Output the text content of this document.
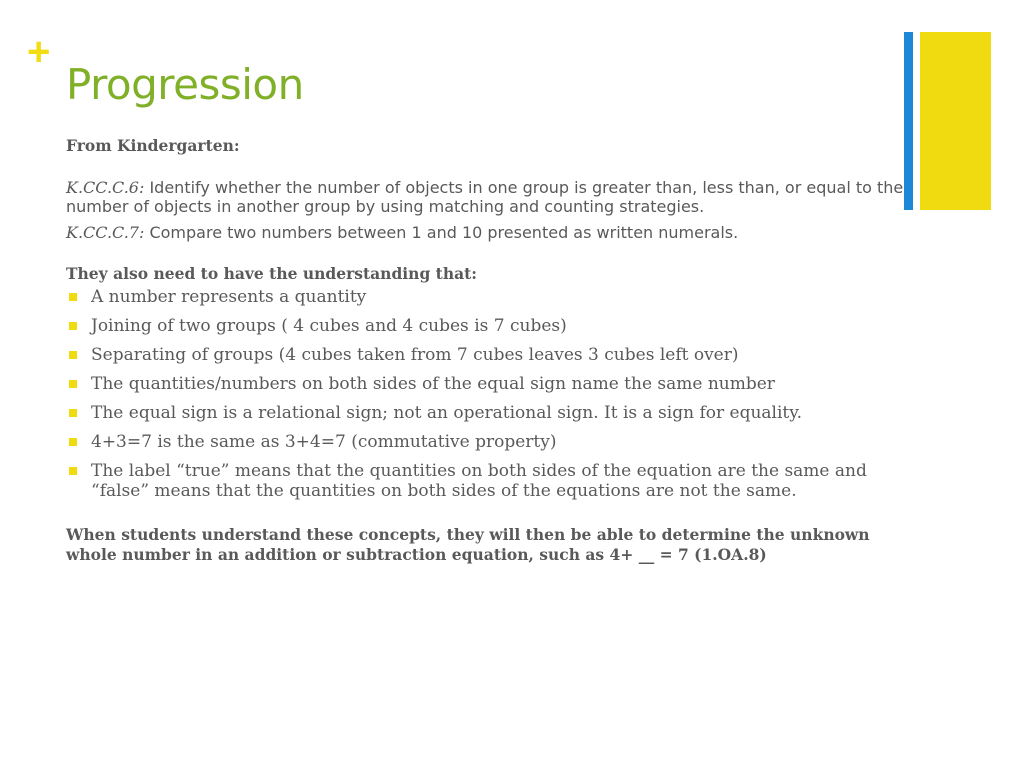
+
Progression

From Kindergarten:

K.CC.C.6: Identify whether the number of objects in one group is greater than, less than, or equal to the number of objects in another group by using matching and counting strategies.

K.CC.C.7: Compare two numbers between 1 and 10 presented as written numerals.

They also need to have the understanding that:

A number represents a quantity
Joining of two groups ( 4 cubes and 4 cubes is 7 cubes)
Separating of groups (4 cubes taken from 7 cubes leaves 3 cubes left over)
The quantities/numbers on both sides of the equal sign name the same number
The equal sign is a relational sign; not an operational sign. It is a sign for equality.
4+3=7 is the same as 3+4=7 (commutative property)
The label “true” means that the quantities on both sides of the equation are the same and “false” means that the quantities on both sides of the equations are not the same.

When students understand these concepts, they will then be able to determine the unknown whole number in an addition or subtraction equation, such as 4+ __ = 7 (1.OA.8)
